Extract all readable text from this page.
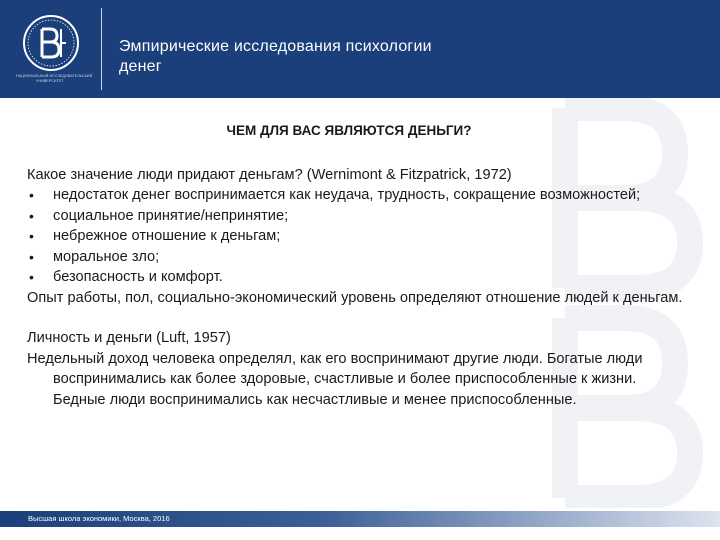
НАЦИОНАЛЬНЫЙ ИССЛЕДОВАТЕЛЬСКИЙ
УНИВЕРСИТЕТ
Эмпирические исследования психологии
денег
ЧЕМ ДЛЯ ВАС ЯВЛЯЮТСЯ ДЕНЬГИ?

Какое значение люди придают деньгам? (Wernimont & Fitzpatrick, 1972)

• недостаток денег воспринимается как неудача, трудность, сокращение возможностей;
• социальное принятие/непринятие;
• небрежное отношение к деньгам;
• моральное зло;
• безопасность и комфорт.

Опыт работы, пол, социально-экономический уровень определяют отношение людей к деньгам.

Личность и деньги (Luft, 1957)

Недельный доход человека определял, как его воспринимают другие люди. Богатые люди воспринимались как более здоровые, счастливые и более приспособленные к жизни. Бедные люди воспринимались как несчастливые и менее приспособленные.

Высшая школа экономики, Москва, 2016
